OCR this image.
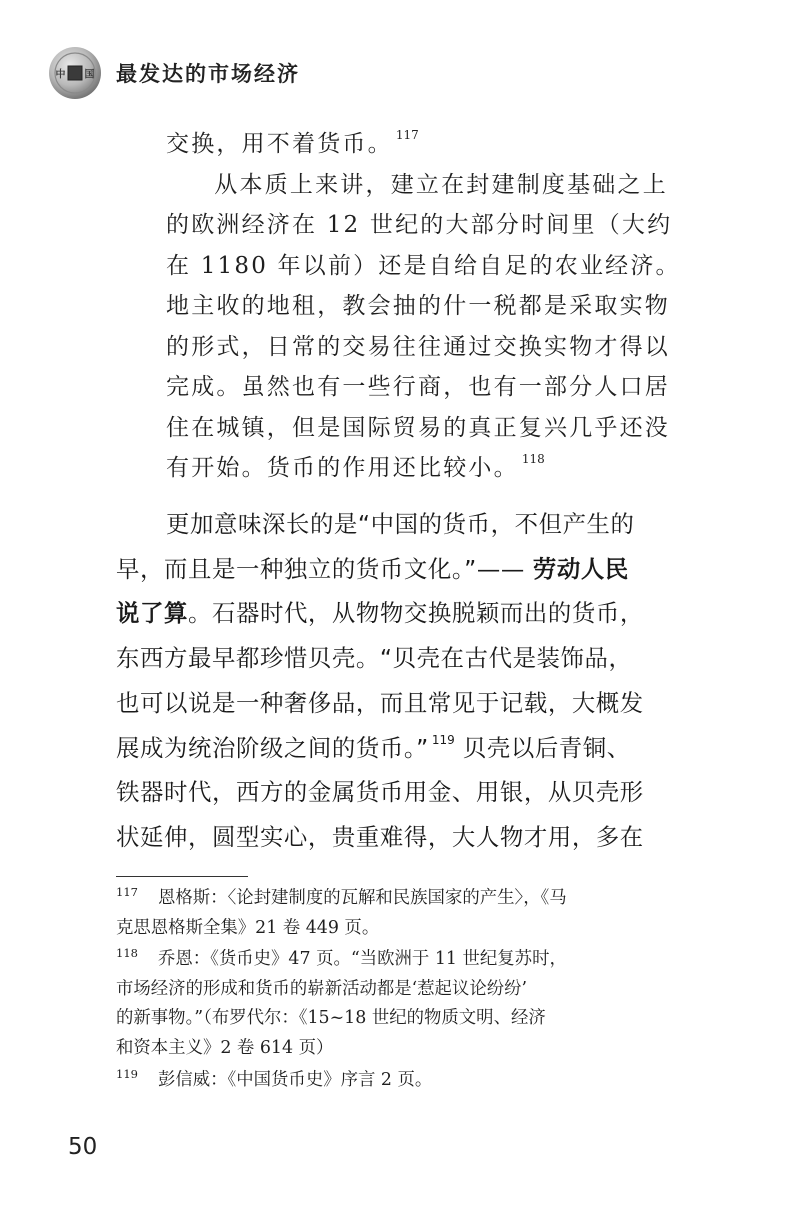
中 国 最发达的市场经济

交换，用不着货币。 $^{117}$

从本质上来讲，建立在封建制度基础之上
的欧洲经济在 12 世纪的大部分时间里（大约
在 1180 年以前）还是自给自足的农业经济。
地主收的地租，教会抽的什一税都是采取实物
的形式，日常的交易往往通过交换实物才得以
完成。虽然也有一些行商，也有一部分人口居
住在城镇，但是国际贸易的真正复兴几乎还没
有开始。货币的作用还比较小。 $^{118}$

更加意味深长的是“中国的货币，不但产生的
早，而且是一种独立的货币文化。”—— 劳动人民
说了算。石器时代，从物物交换脱颖而出的货币，
东西方最早都珍惜贝壳。“贝壳在古代是装饰品，
也可以说是一种奢侈品，而且常见于记载，大概发
展成为统治阶级之间的货币。” $^{119}$ 贝壳以后青铜、
铁器时代，西方的金属货币用金、用银，从贝壳形
状延伸，圆型实心，贵重难得，大人物才用，多在
117 恩格斯：〈论封建制度的瓦解和民族国家的产生〉，《马
克思恩格斯全集》21 卷 449 页。
118 乔恩：《货币史》47 页。“当欧洲于 11 世纪复苏时，
市场经济的形成和货币的崭新活动都是‘惹起议论纷纷’
的新事物。”（布罗代尔：《15~18 世纪的物质文明、经济
和资本主义》2 卷 614 页）
119 彭信威：《中国货币史》序言 2 页。
50
